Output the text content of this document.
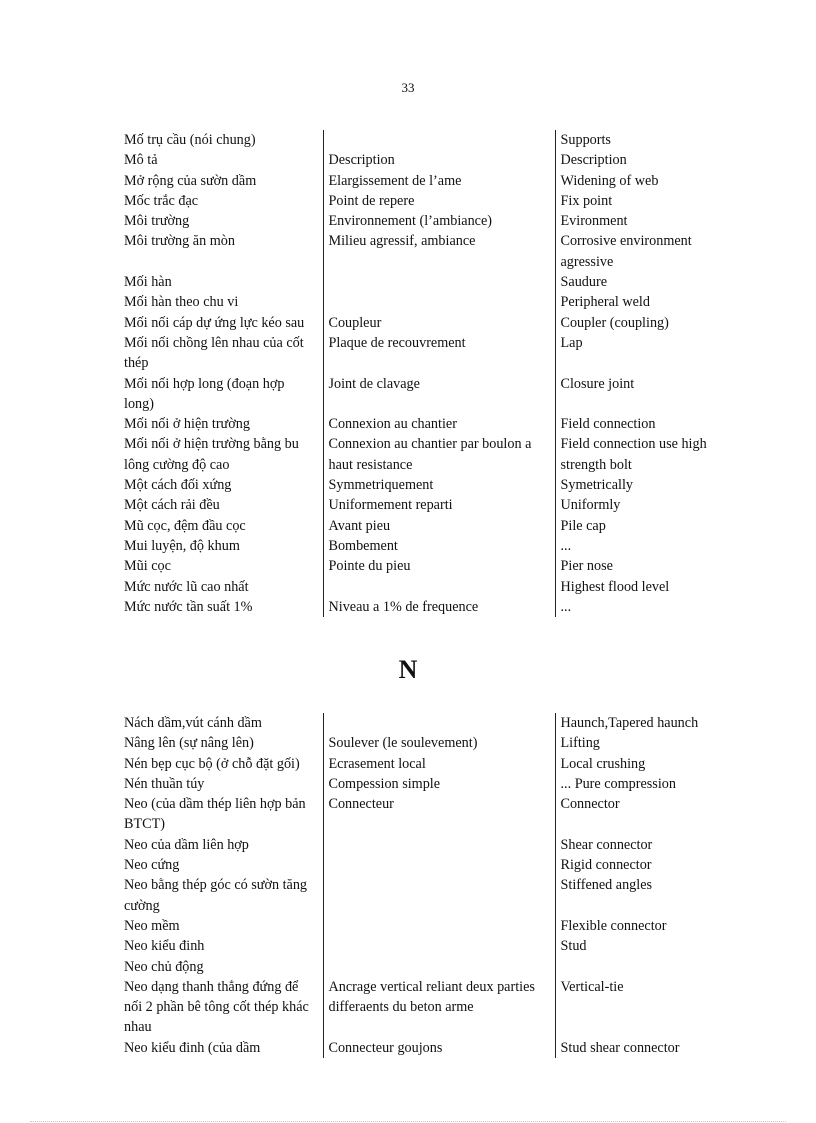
33
Mố trụ cầu (nói chung)		Supports
Mô tả	Description	Description
Mở rộng của sườn dầm	Elargissement de l’ame	Widening of web
Mốc trắc đạc	Point de repere	Fix point
Môi trường	Environnement (l’ambiance)	Evironment
Môi trường ăn mòn	Milieu agressif, ambiance	Corrosive environment agressive
Mối hàn		Saudure
Mối hàn theo chu vi		Peripheral weld
Mối nối cáp dự ứng lực kéo sau	Coupleur	Coupler (coupling)
Mối nối chồng lên nhau của cốt thép	Plaque de recouvrement	Lap
Mối nối hợp long (đoạn hợp long)	Joint de clavage	Closure joint
Mối nối ở hiện trường	Connexion au chantier	Field connection
Mối nối ở hiện trường bằng bu lông cường độ cao	Connexion au chantier par boulon a haut resistance	Field connection use high strength bolt
Một cách đối xứng	Symmetriquement	Symetrically
Một cách rải đều	Uniformement reparti	Uniformly
Mũ cọc, đệm đầu cọc	Avant pieu	Pile cap
Mui luyện, độ khum	Bombement	...
Mũi cọc	Pointe du pieu	Pier nose
Mức nước lũ cao nhất		Highest flood level
Mức nước tần suất 1%	Niveau a 1% de frequence	...
N
Nách dầm,vút cánh dầm		Haunch,Tapered haunch
Nâng lên (sự nâng lên)	Soulever (le soulevement)	Lifting
Nén bẹp cục bộ (ở chỗ đặt gối)	Ecrasement local	Local crushing
Nén thuần túy	Compession simple	... Pure compression
Neo (của dầm thép liên hợp bản BTCT)	Connecteur	Connector
Neo của dầm liên hợp		Shear connector
Neo cứng		Rigid connector
Neo bằng thép góc có sườn tăng cường		Stiffened angles
Neo mềm		Flexible connector
Neo kiểu đinh		Stud
Neo chủ động		
Neo dạng thanh thẳng đứng để nối 2 phần bê tông cốt thép khác nhau	Ancrage vertical reliant deux parties differaents du beton arme	Vertical-tie
Neo kiểu đinh (của dầm	Connecteur goujons	Stud shear connector
